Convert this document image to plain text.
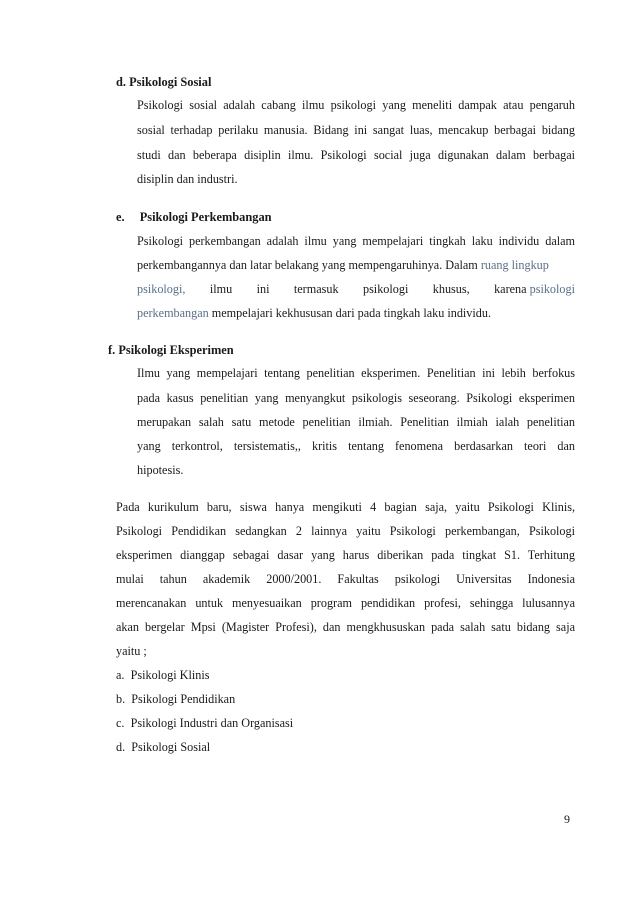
d. Psikologi Sosial
Psikologi sosial adalah cabang ilmu psikologi yang meneliti dampak atau pengaruh
sosial terhadap perilaku manusia. Bidang ini sangat luas, mencakup berbagai bidang
studi dan beberapa disiplin ilmu. Psikologi social juga digunakan dalam berbagai
disiplin dan industri.
e. Psikologi Perkembangan
Psikologi perkembangan adalah ilmu yang mempelajari tingkah laku individu dalam
perkembangannya dan latar belakang yang mempengaruhinya. Dalam ruang lingkup
psikologi, ilmu ini termasuk psikologi khusus, karena psikologi
perkembangan mempelajari kekhususan dari pada tingkah laku individu.
f. Psikologi Eksperimen
Ilmu yang mempelajari tentang penelitian eksperimen. Penelitian ini lebih berfokus
pada kasus penelitian yang menyangkut psikologis seseorang. Psikologi eksperimen
merupakan salah satu metode penelitian ilmiah. Penelitian ilmiah ialah penelitian
yang terkontrol, tersistematis,, kritis tentang fenomena berdasarkan teori dan
hipotesis.
Pada kurikulum baru, siswa hanya mengikuti 4 bagian saja, yaitu Psikologi Klinis,
Psikologi Pendidikan sedangkan 2 lainnya yaitu Psikologi perkembangan, Psikologi
eksperimen dianggap sebagai dasar yang harus diberikan pada tingkat S1. Terhitung
mulai tahun akademik 2000/2001. Fakultas psikologi Universitas Indonesia
merencanakan untuk menyesuaikan program pendidikan profesi, sehingga lulusannya
akan bergelar Mpsi (Magister Profesi), dan mengkhususkan pada salah satu bidang saja
yaitu ;
a. Psikologi Klinis
b. Psikologi Pendidikan
c. Psikologi Industri dan Organisasi
d. Psikologi Sosial
9
